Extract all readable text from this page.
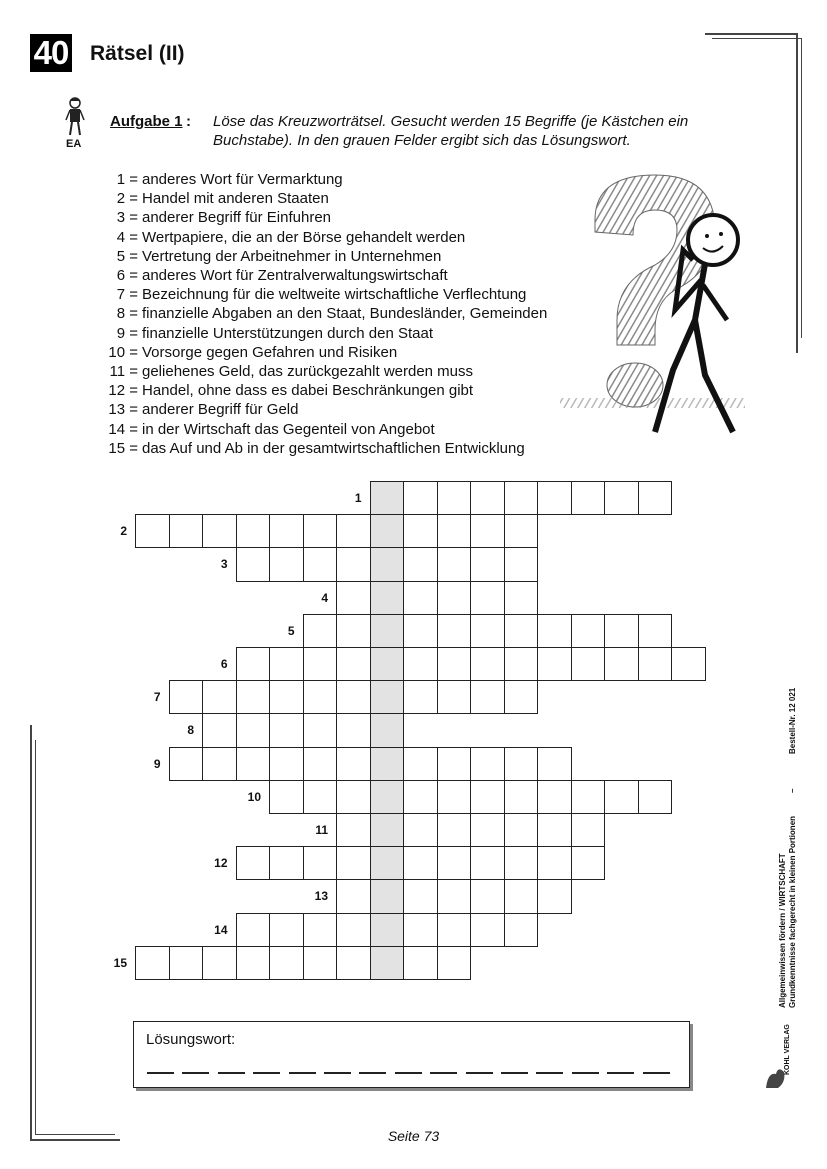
40 Rätsel (II)
EA
Aufgabe 1 : Löse das Kreuzworträtsel. Gesucht werden 15 Begriffe (je Kästchen ein Buchstabe). In den grauen Felder ergibt sich das Lösungswort.
1 = anderes Wort für Vermarktung
2 = Handel mit anderen Staaten
3 = anderer Begriff für Einfuhren
4 = Wertpapiere, die an der Börse gehandelt werden
5 = Vertretung der Arbeitnehmer in Unternehmen
6 = anderes Wort für Zentralverwaltungswirtschaft
7 = Bezeichnung für die weltweite wirtschaftliche Verflechtung
8 = finanzielle Abgaben an den Staat, Bundesländer, Gemeinden
9 = finanzielle Unterstützungen durch den Staat
10 = Vorsorge gegen Gefahren und Risiken
11 = geliehenes Geld, das zurückgezahlt werden muss
12 = Handel, ohne dass es dabei Beschränkungen gibt
13 = anderer Begriff für Geld
14 = in der Wirtschaft das Gegenteil von Angebot
15 = das Auf und Ab in der gesamtwirtschaftlichen Entwicklung
1
2
3
4
5
6
7
8
9
10
11
12
13
14
15
Lösungswort:
Allgemeinwissen fördern / WIRTSCHAFT Grundkenntnisse fachgerecht in kleinen Portionen
–
Bestell-Nr. 12 021
KOHL VERLAG
Seite 73
